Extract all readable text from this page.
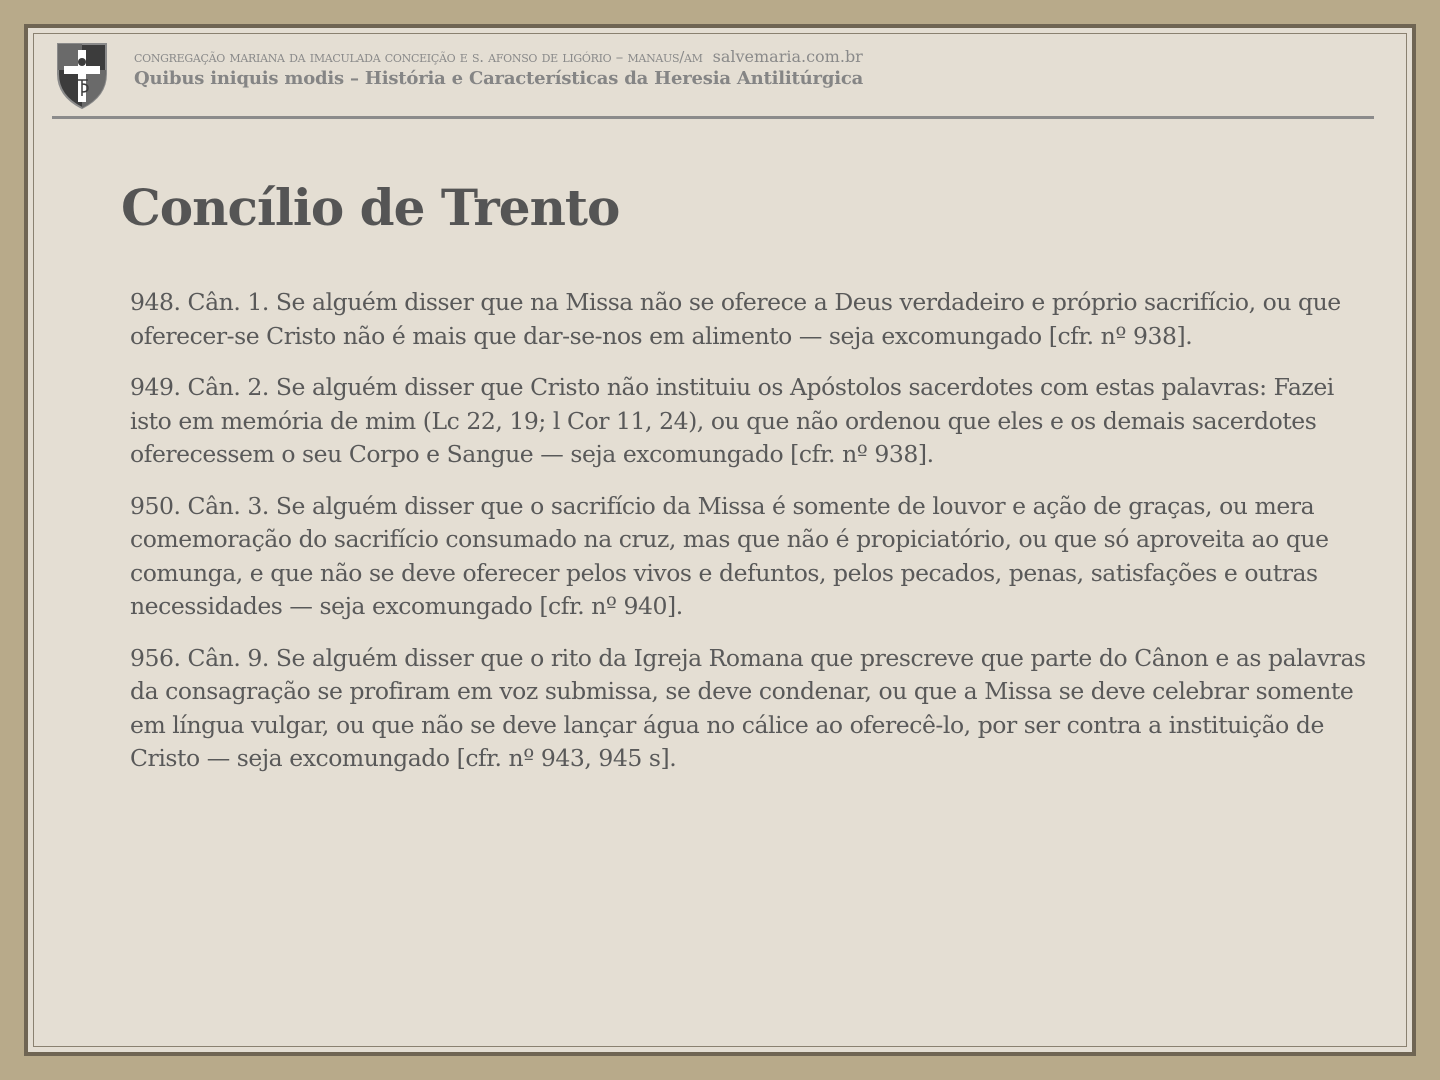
congregação mariana da imaculada conceição e s. afonso de ligório – manaus/am salvemaria.com.br
Quibus iniquis modis – História e Características da Heresia Antilitúrgica
Concílio de Trento

948. Cân. 1. Se alguém disser que na Missa não se oferece a Deus verdadeiro e próprio sacrifício, ou que oferecer-se Cristo não é mais que dar-se-nos em alimento — seja excomungado [cfr. nº 938].

949. Cân. 2. Se alguém disser que Cristo não instituiu os Apóstolos sacerdotes com estas palavras: Fazei isto em memória de mim (Lc 22, 19; l Cor 11, 24), ou que não ordenou que eles e os demais sacerdotes oferecessem o seu Corpo e Sangue — seja excomungado [cfr. nº 938].

950. Cân. 3. Se alguém disser que o sacrifício da Missa é somente de louvor e ação de graças, ou mera comemoração do sacrifício consumado na cruz, mas que não é propiciatório, ou que só aproveita ao que comunga, e que não se deve oferecer pelos vivos e defuntos, pelos pecados, penas, satisfações e outras necessidades — seja excomungado [cfr. nº 940].

956. Cân. 9. Se alguém disser que o rito da Igreja Romana que prescreve que parte do Cânon e as palavras da consagração se profiram em voz submissa, se deve condenar, ou que a Missa se deve celebrar somente em língua vulgar, ou que não se deve lançar água no cálice ao oferecê-lo, por ser contra a instituição de Cristo — seja excomungado [cfr. nº 943, 945 s].
